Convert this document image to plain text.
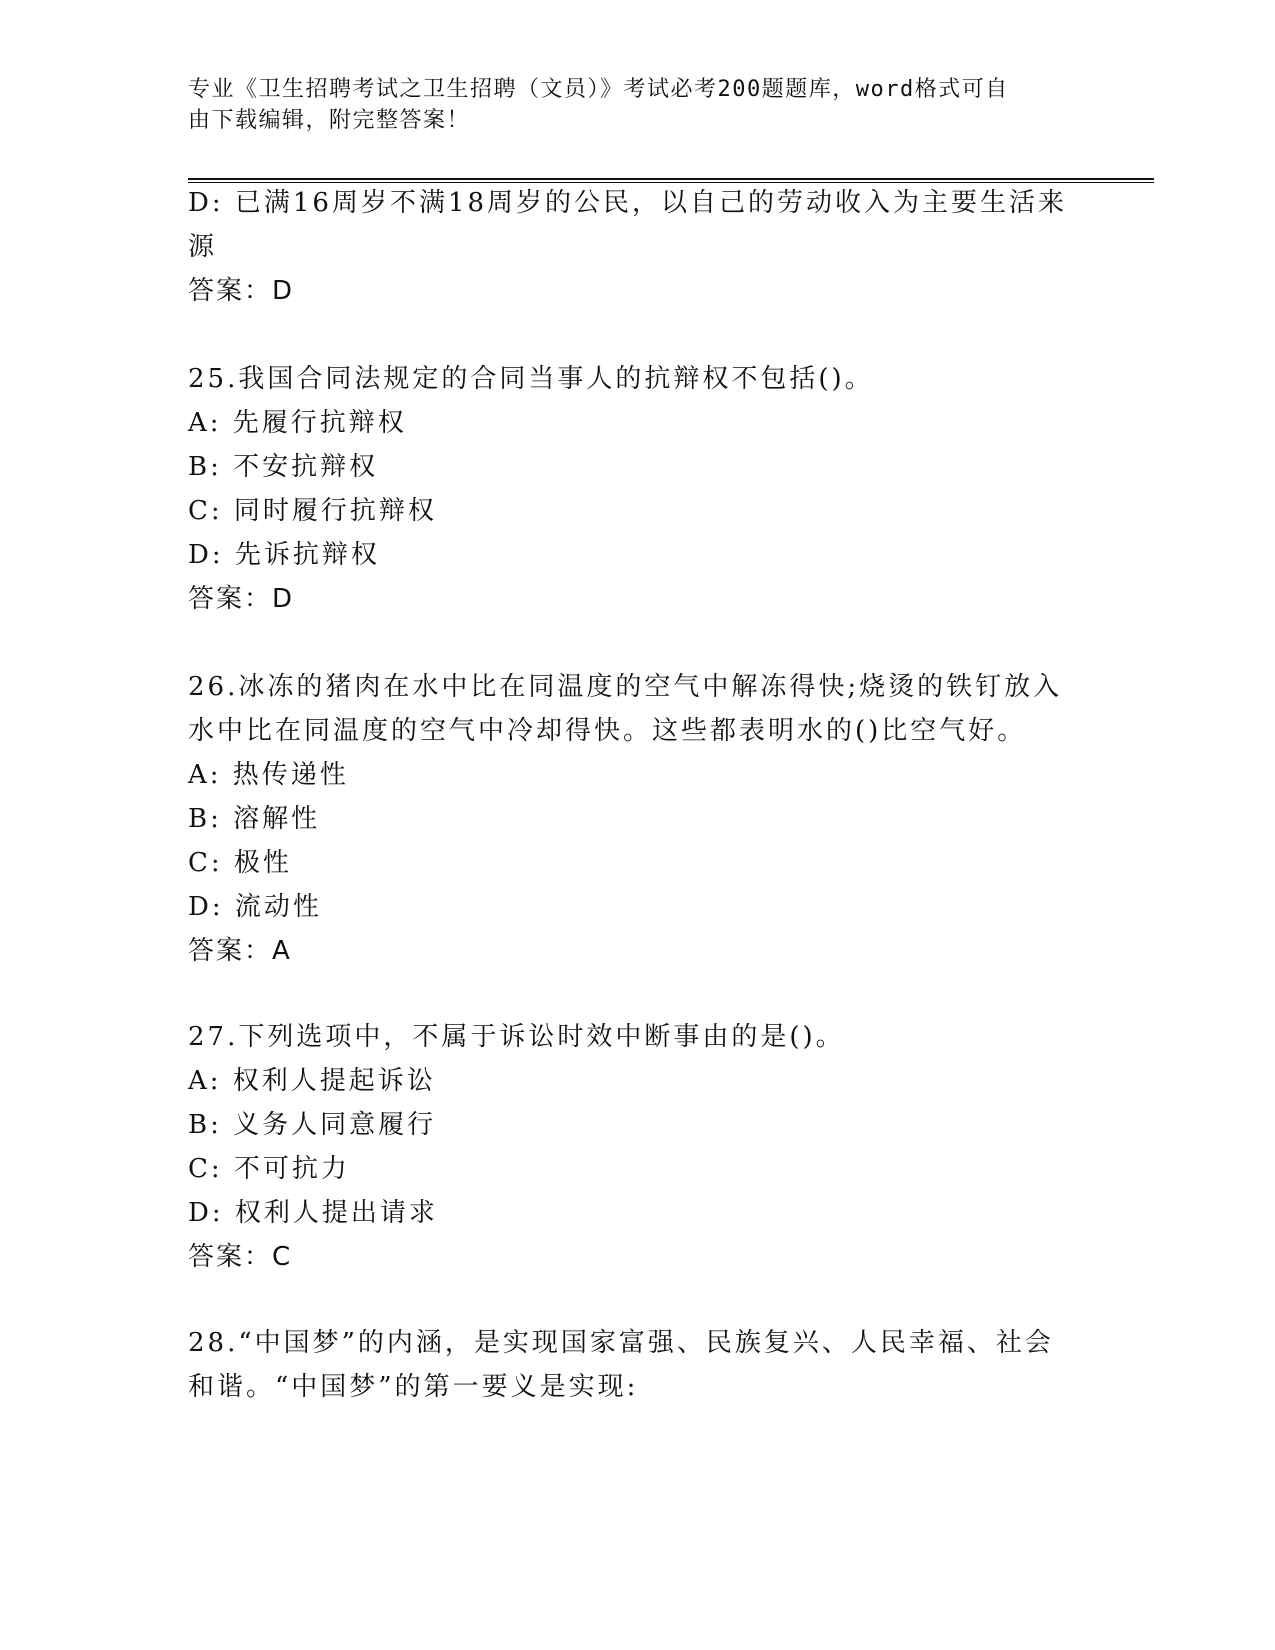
专业《卫生招聘考试之卫生招聘（文员）》考试必考200题题库，word格式可自
由下载编辑，附完整答案！
D: 已满16周岁不满18周岁的公民，以自己的劳动收入为主要生活来
源
答案：D
25.我国合同法规定的合同当事人的抗辩权不包括()。
A: 先履行抗辩权
B: 不安抗辩权
C: 同时履行抗辩权
D: 先诉抗辩权
答案：D
26.冰冻的猪肉在水中比在同温度的空气中解冻得快;烧烫的铁钉放入
水中比在同温度的空气中冷却得快。这些都表明水的()比空气好。
A: 热传递性
B: 溶解性
C: 极性
D: 流动性
答案：A
27.下列选项中，不属于诉讼时效中断事由的是()。
A: 权利人提起诉讼
B: 义务人同意履行
C: 不可抗力
D: 权利人提出请求
答案：C
28.“中国梦”的内涵，是实现国家富强、民族复兴、人民幸福、社会
和谐。“中国梦”的第一要义是实现:
